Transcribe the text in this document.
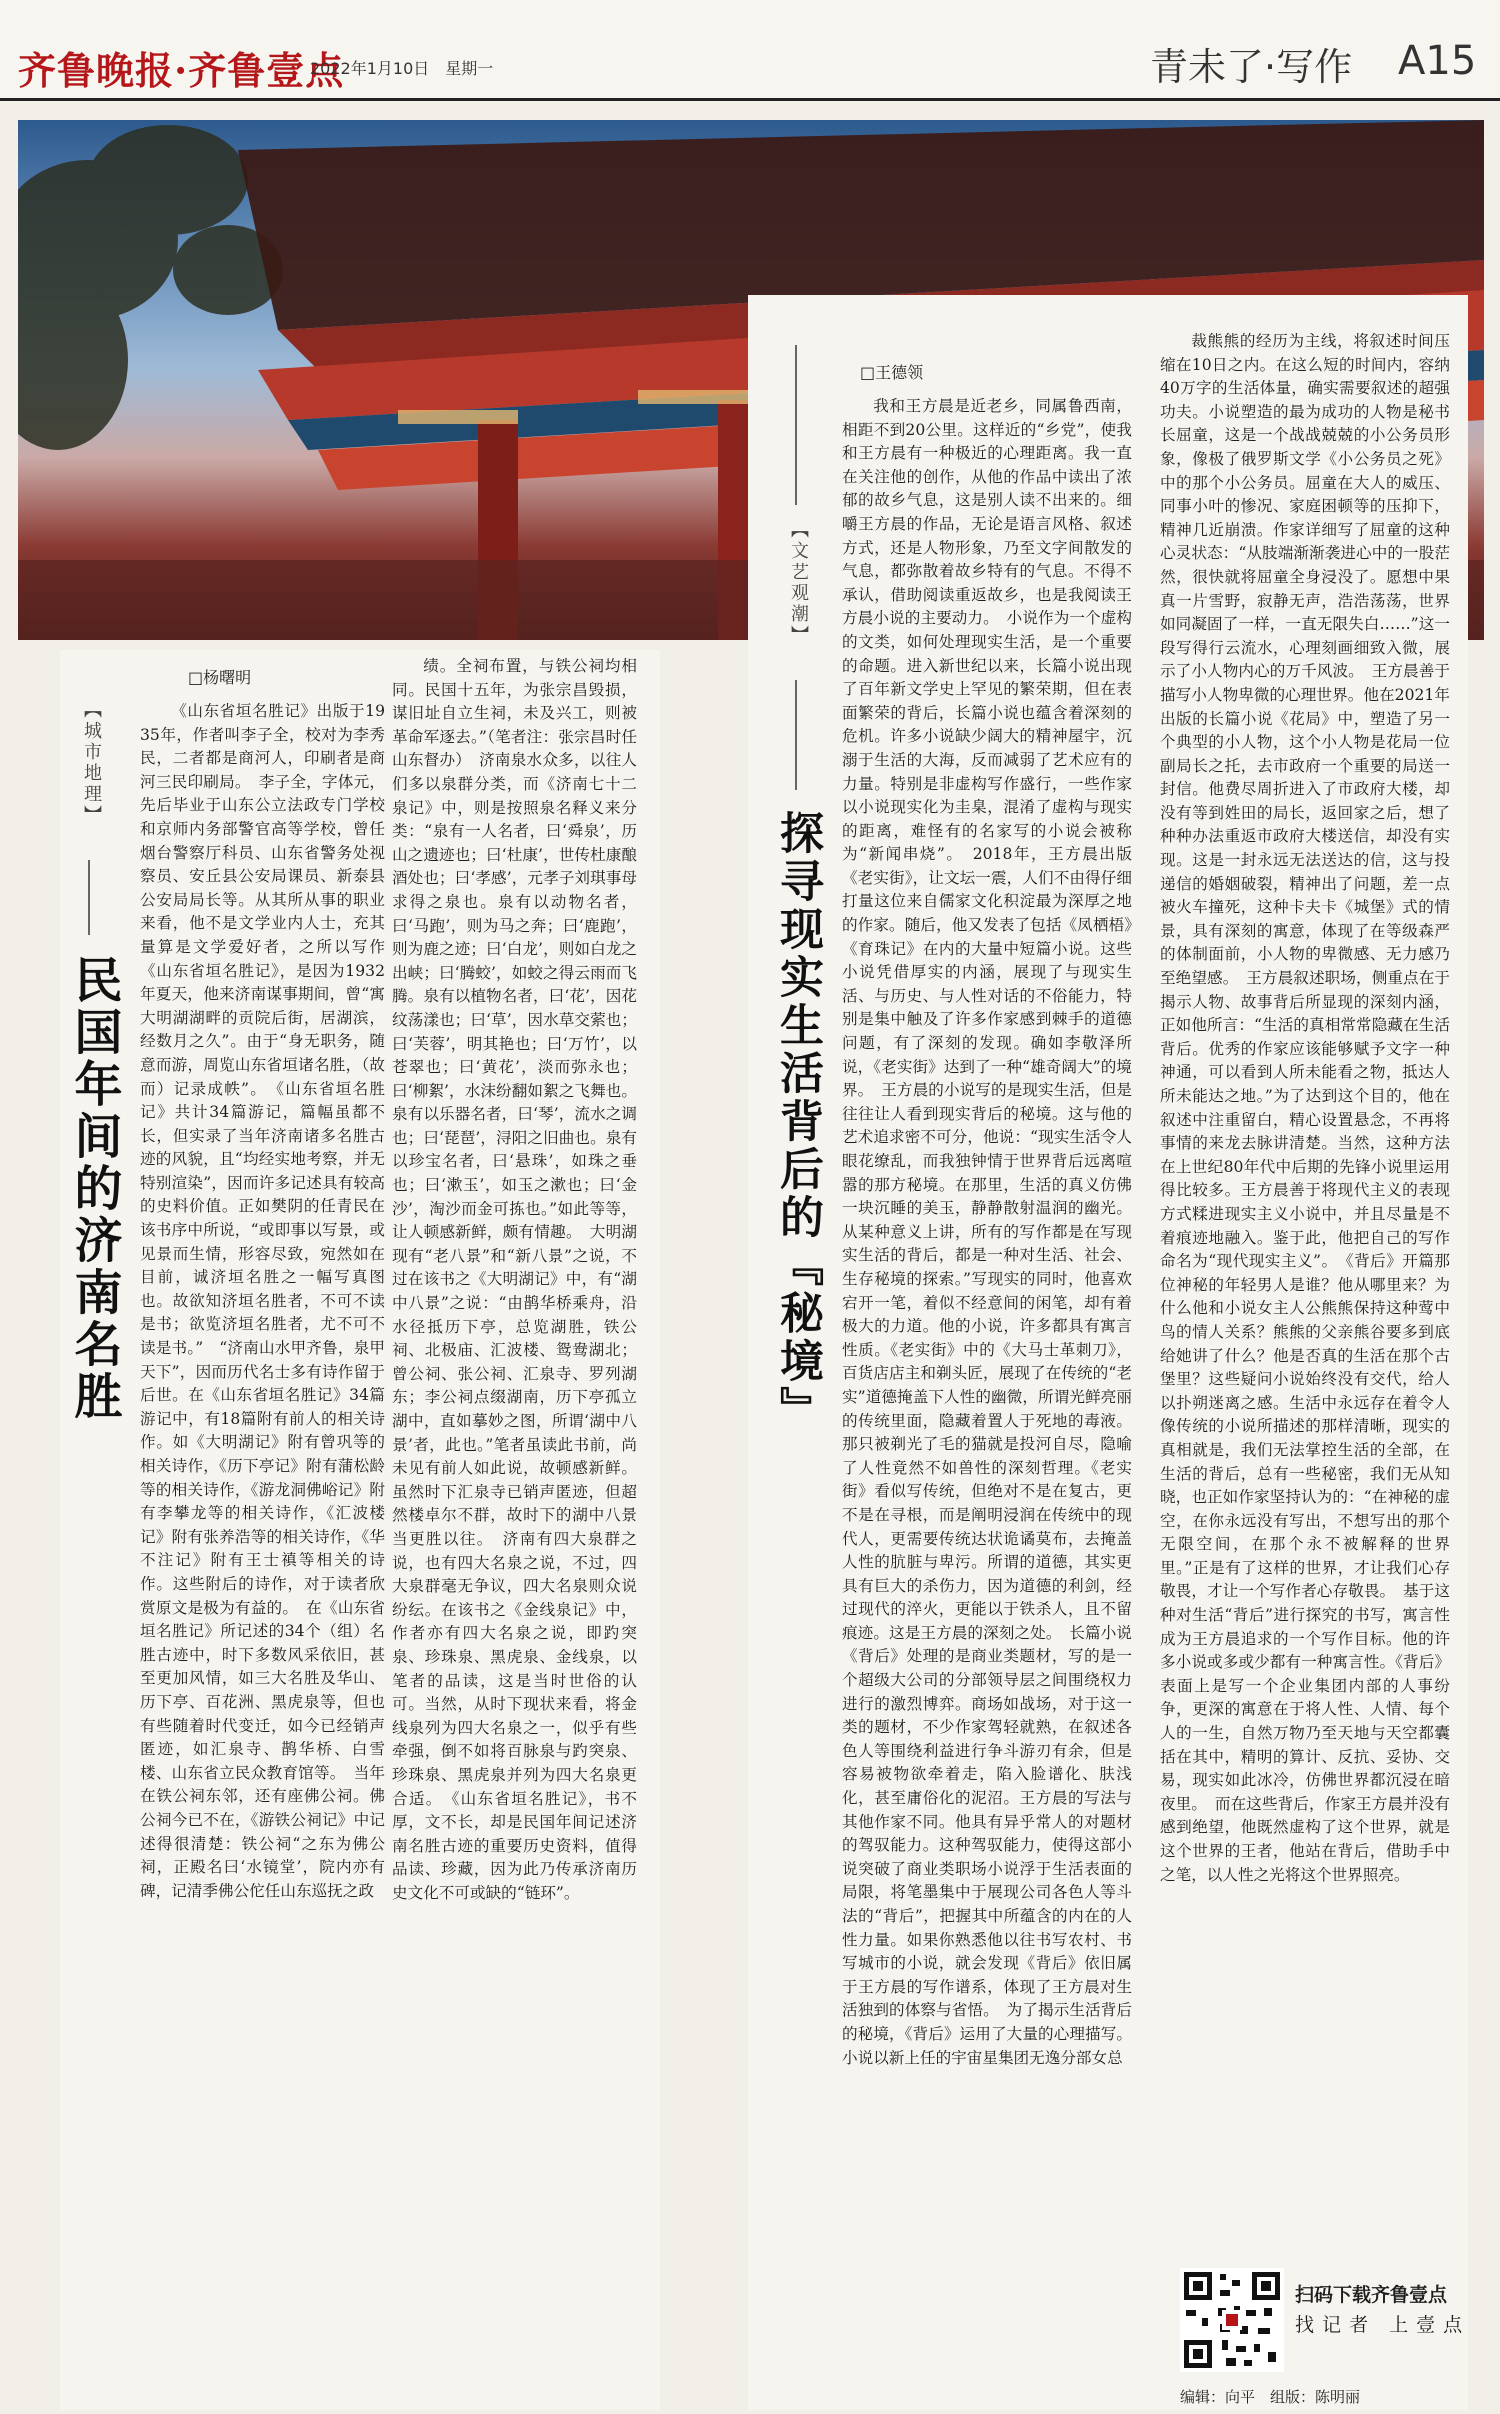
齐鲁晚报·齐鲁壹点
2022年1月10日　星期一	青未了·写作 A15
【城市地理】
民国年间的济南名胜
□杨曙明

《山东省垣名胜记》出版于1935年，作者叫李子全，校对为李秀民，二者都是商河人，印刷者是商河三民印刷局。　李子全，字体元，先后毕业于山东公立法政专门学校和京师内务部警官高等学校，曾任烟台警察厅科员、山东省警务处视察员、安丘县公安局课员、新泰县公安局局长等。从其所从事的职业来看，他不是文学业内人士，充其量算是文学爱好者，之所以写作《山东省垣名胜记》，是因为1932年夏天，他来济南谋事期间，曾“寓大明湖湖畔的贡院后街，居湖滨，经数月之久”。由于“身无职务，随意而游，周览山东省垣诸名胜，（故而）记录成帙”。　《山东省垣名胜记》共计34篇游记，篇幅虽都不长，但实录了当年济南诸多名胜古迹的风貌，且“均经实地考察，并无特别渲染”，因而许多记述具有较高的史料价值。正如樊阴的任青民在该书序中所说，“或即事以写景，或见景而生情，形容尽致，宛然如在目前，诚济垣名胜之一幅写真图也。故欲知济垣名胜者，不可不读是书；欲览济垣名胜者，尤不可不读是书。”　“济南山水甲齐鲁，泉甲天下”，因而历代名士多有诗作留于后世。在《山东省垣名胜记》34篇游记中，有18篇附有前人的相关诗作。如《大明湖记》附有曾巩等的相关诗作，《历下亭记》附有蒲松龄等的相关诗作，《游龙洞佛峪记》附有李攀龙等的相关诗作，《汇波楼记》附有张养浩等的相关诗作，《华不注记》附有王士禛等相关的诗作。这些附后的诗作，对于读者欣赏原文是极为有益的。　在《山东省垣名胜记》所记述的34个（组）名胜古迹中，时下多数风采依旧，甚至更加风情，如三大名胜及华山、历下亭、百花洲、黑虎泉等，但也有些随着时代变迁，如今已经销声匿迹，如汇泉寺、鹊华桥、白雪楼、山东省立民众教育馆等。　当年在铁公祠东邻，还有座佛公祠。佛公祠今已不在，《游铁公祠记》中记述得很清楚：铁公祠“之东为佛公祠，正殿名曰‘水镜堂’，院内亦有碑，记清季佛公佗任山东巡抚之政

绩。全祠布置，与铁公祠均相同。民国十五年，为张宗昌毁损，谋旧址自立生祠，未及兴工，则被革命军逐去。”（笔者注：张宗昌时任山东督办）　济南泉水众多，以往人们多以泉群分类，而《济南七十二泉记》中，则是按照泉名释义来分类：“泉有一人名者，曰‘舜泉’，历山之遗迹也；曰‘杜康’，世传杜康酿酒处也；曰‘孝感’，元孝子刘琪事母求得之泉也。泉有以动物名者，曰‘马跑’，则为马之奔；曰‘鹿跑’，则为鹿之迹；曰‘白龙’，则如白龙之出峡；曰‘腾蛟’，如蛟之得云雨而飞腾。泉有以植物名者，曰‘花’，因花纹荡漾也；曰‘草’，因水草交萦也；曰‘芙蓉’，明其艳也；曰‘万竹’，以苍翠也；曰‘黄花’，淡而弥永也；曰‘柳絮’，水沫纷翻如絮之飞舞也。泉有以乐器名者，曰‘琴’，流水之调也；曰‘琵琶’，浔阳之旧曲也。泉有以珍宝名者，曰‘悬珠’，如珠之垂也；曰‘漱玉’，如玉之漱也；曰‘金沙’，淘沙而金可拣也。”如此等等，让人顿感新鲜，颇有情趣。　大明湖现有“老八景”和“新八景”之说，不过在该书之《大明湖记》中，有“湖中八景”之说：“由鹊华桥乘舟，沿水径抵历下亭，总览湖胜，铁公祠、北极庙、汇波楼、鸳鸯湖北；曾公祠、张公祠、汇泉寺、罗列湖东；李公祠点缀湖南，历下亭孤立湖中，直如摹妙之图，所谓‘湖中八景’者，此也。”笔者虽读此书前，尚未见有前人如此说，故顿感新鲜。虽然时下汇泉寺已销声匿迹，但超然楼卓尔不群，故时下的湖中八景当更胜以往。　济南有四大泉群之说，也有四大名泉之说，不过，四大泉群毫无争议，四大名泉则众说纷纭。在该书之《金线泉记》中，作者亦有四大名泉之说，即趵突泉、珍珠泉、黑虎泉、金线泉，以笔者的品读，这是当时世俗的认可。当然，从时下现状来看，将金线泉列为四大名泉之一，似乎有些牵强，倒不如将百脉泉与趵突泉、珍珠泉、黑虎泉并列为四大名泉更合适。　《山东省垣名胜记》，书不厚，文不长，却是民国年间记述济南名胜古迹的重要历史资料，值得品读、珍藏，因为此乃传承济南历史文化不可或缺的“链环”。

【文艺观潮】
探寻现实生活背后的『秘境』
□王德领

我和王方晨是近老乡，同属鲁西南，相距不到20公里。这样近的“乡党”，使我和王方晨有一种极近的心理距离。我一直在关注他的创作，从他的作品中读出了浓郁的故乡气息，这是别人读不出来的。细嚼王方晨的作品，无论是语言风格、叙述方式，还是人物形象，乃至文字间散发的气息，都弥散着故乡特有的气息。不得不承认，借助阅读重返故乡，也是我阅读王方晨小说的主要动力。　小说作为一个虚构的文类，如何处理现实生活，是一个重要的命题。进入新世纪以来，长篇小说出现了百年新文学史上罕见的繁荣期，但在表面繁荣的背后，长篇小说也蕴含着深刻的危机。许多小说缺少阔大的精神屋宇，沉溺于生活的大海，反而减弱了艺术应有的力量。特别是非虚构写作盛行，一些作家以小说现实化为圭臬，混淆了虚构与现实的距离，难怪有的名家写的小说会被称为“新闻串烧”。　2018年，王方晨出版《老实街》，让文坛一震，人们不由得仔细打量这位来自儒家文化积淀最为深厚之地的作家。随后，他又发表了包括《凤栖梧》《育珠记》在内的大量中短篇小说。这些小说凭借厚实的内涵，展现了与现实生活、与历史、与人性对话的不俗能力，特别是集中触及了许多作家感到棘手的道德问题，有了深刻的发现。确如李敬泽所说，《老实街》达到了一种“雄奇阔大”的境界。　王方晨的小说写的是现实生活，但是往往让人看到现实背后的秘境。这与他的艺术追求密不可分，他说：“现实生活令人眼花缭乱，而我独钟情于世界背后远离喧嚣的那方秘境。在那里，生活的真义仿佛一块沉睡的美玉，静静散射温润的幽光。从某种意义上讲，所有的写作都是在写现实生活的背后，都是一种对生活、社会、生存秘境的探索。”写现实的同时，他喜欢宕开一笔，着似不经意间的闲笔，却有着极大的力道。他的小说，许多都具有寓言性质。《老实街》中的《大马士革刺刀》，百货店店主和剃头匠，展现了在传统的“老实”道德掩盖下人性的幽微，所谓光鲜亮丽的传统里面，隐藏着置人于死地的毒液。那只被剃光了毛的猫就是投河自尽，隐喻了人性竟然不如兽性的深刻哲理。《老实街》看似写传统，但绝对不是在复古，更不是在寻根，而是阐明浸润在传统中的现代人，更需要传统达状诡谲莫布，去掩盖人性的肮脏与卑污。所谓的道德，其实更具有巨大的杀伤力，因为道德的利剑，经过现代的淬火，更能以于铁杀人，且不留痕迹。这是王方晨的深刻之处。　长篇小说《背后》处理的是商业类题材，写的是一个超级大公司的分部领导层之间围绕权力进行的激烈博弈。商场如战场，对于这一类的题材，不少作家驾轻就熟，在叙述各色人等围绕利益进行争斗游刃有余，但是容易被物欲牵着走，陷入脸谱化、肤浅化，甚至庸俗化的泥沼。王方晨的写法与其他作家不同。他具有异乎常人的对题材的驾驭能力。这种驾驭能力，使得这部小说突破了商业类职场小说浮于生活表面的局限，将笔墨集中于展现公司各色人等斗法的“背后”，把握其中所蕴含的内在的人性力量。如果你熟悉他以往书写农村、书写城市的小说，就会发现《背后》依旧属于王方晨的写作谱系，体现了王方晨对生活独到的体察与省悟。　为了揭示生活背后的秘境，《背后》运用了大量的心理描写。小说以新上任的宇宙星集团无逸分部女总

裁熊熊的经历为主线，将叙述时间压缩在10日之内。在这么短的时间内，容纳40万字的生活体量，确实需要叙述的超强功夫。小说塑造的最为成功的人物是秘书长屈童，这是一个战战兢兢的小公务员形象，像极了俄罗斯文学《小公务员之死》中的那个小公务员。屈童在大人的威压、同事小叶的惨况、家庭困顿等的压抑下，精神几近崩溃。作家详细写了屈童的这种心灵状态：“从肢端渐渐袭进心中的一股茫然，很快就将屈童全身浸没了。愿想中果真一片雪野，寂静无声，浩浩荡荡，世界如同凝固了一样，一直无限失白……”这一段写得行云流水，心理刻画细致入微，展示了小人物内心的万千风波。　王方晨善于描写小人物卑微的心理世界。他在2021年出版的长篇小说《花局》中，塑造了另一个典型的小人物，这个小人物是花局一位副局长之托，去市政府一个重要的局送一封信。他费尽周折进入了市政府大楼，却没有等到姓田的局长，返回家之后，想了种种办法重返市政府大楼送信，却没有实现。这是一封永远无法送达的信，这与投递信的婚姻破裂，精神出了问题，差一点被火车撞死，这种卡夫卡《城堡》式的情景，具有深刻的寓意，体现了在等级森严的体制面前，小人物的卑微感、无力感乃至绝望感。　王方晨叙述职场，侧重点在于揭示人物、故事背后所显现的深刻内涵，正如他所言：“生活的真相常常隐藏在生活背后。优秀的作家应该能够赋予文字一种神通，可以看到人所未能看之物，抵达人所未能达之地。”为了达到这个目的，他在叙述中注重留白，精心设置悬念，不再将事情的来龙去脉讲清楚。当然，这种方法在上世纪80年代中后期的先锋小说里运用得比较多。王方晨善于将现代主义的表现方式糅进现实主义小说中，并且尽量是不着痕迹地融入。鉴于此，他把自己的写作命名为“现代现实主义”。　《背后》开篇那位神秘的年轻男人是谁？他从哪里来？为什么他和小说女主人公熊熊保持这种莺中鸟的情人关系？熊熊的父亲熊谷要多到底给她讲了什么？他是否真的生活在那个古堡里？这些疑问小说始终没有交代，给人以扑朔迷离之感。生活中永远存在着令人像传统的小说所描述的那样清晰，现实的真相就是，我们无法掌控生活的全部，在生活的背后，总有一些秘密，我们无从知晓，也正如作家坚持认为的：“在神秘的虚空，在你永远没有写出，不想写出的那个无限空间，在那个永不被解释的世界里。”正是有了这样的世界，才让我们心存敬畏，才让一个写作者心存敬畏。　基于这种对生活“背后”进行探究的书写，寓言性成为王方晨追求的一个写作目标。他的许多小说或多或少都有一种寓言性。《背后》表面上是写一个企业集团内部的人事纷争，更深的寓意在于将人性、人情、每个人的一生，自然万物乃至天地与天空都囊括在其中，精明的算计、反抗、妥协、交易，现实如此冰冷，仿佛世界都沉浸在暗夜里。　而在这些背后，作家王方晨并没有感到绝望，他既然虚构了这个世界，就是这个世界的王者，他站在背后，借助手中之笔，以人性之光将这个世界照亮。

扫码下载齐鲁壹点
找 记 者　上 壹 点
编辑：向平　组版：陈明丽
